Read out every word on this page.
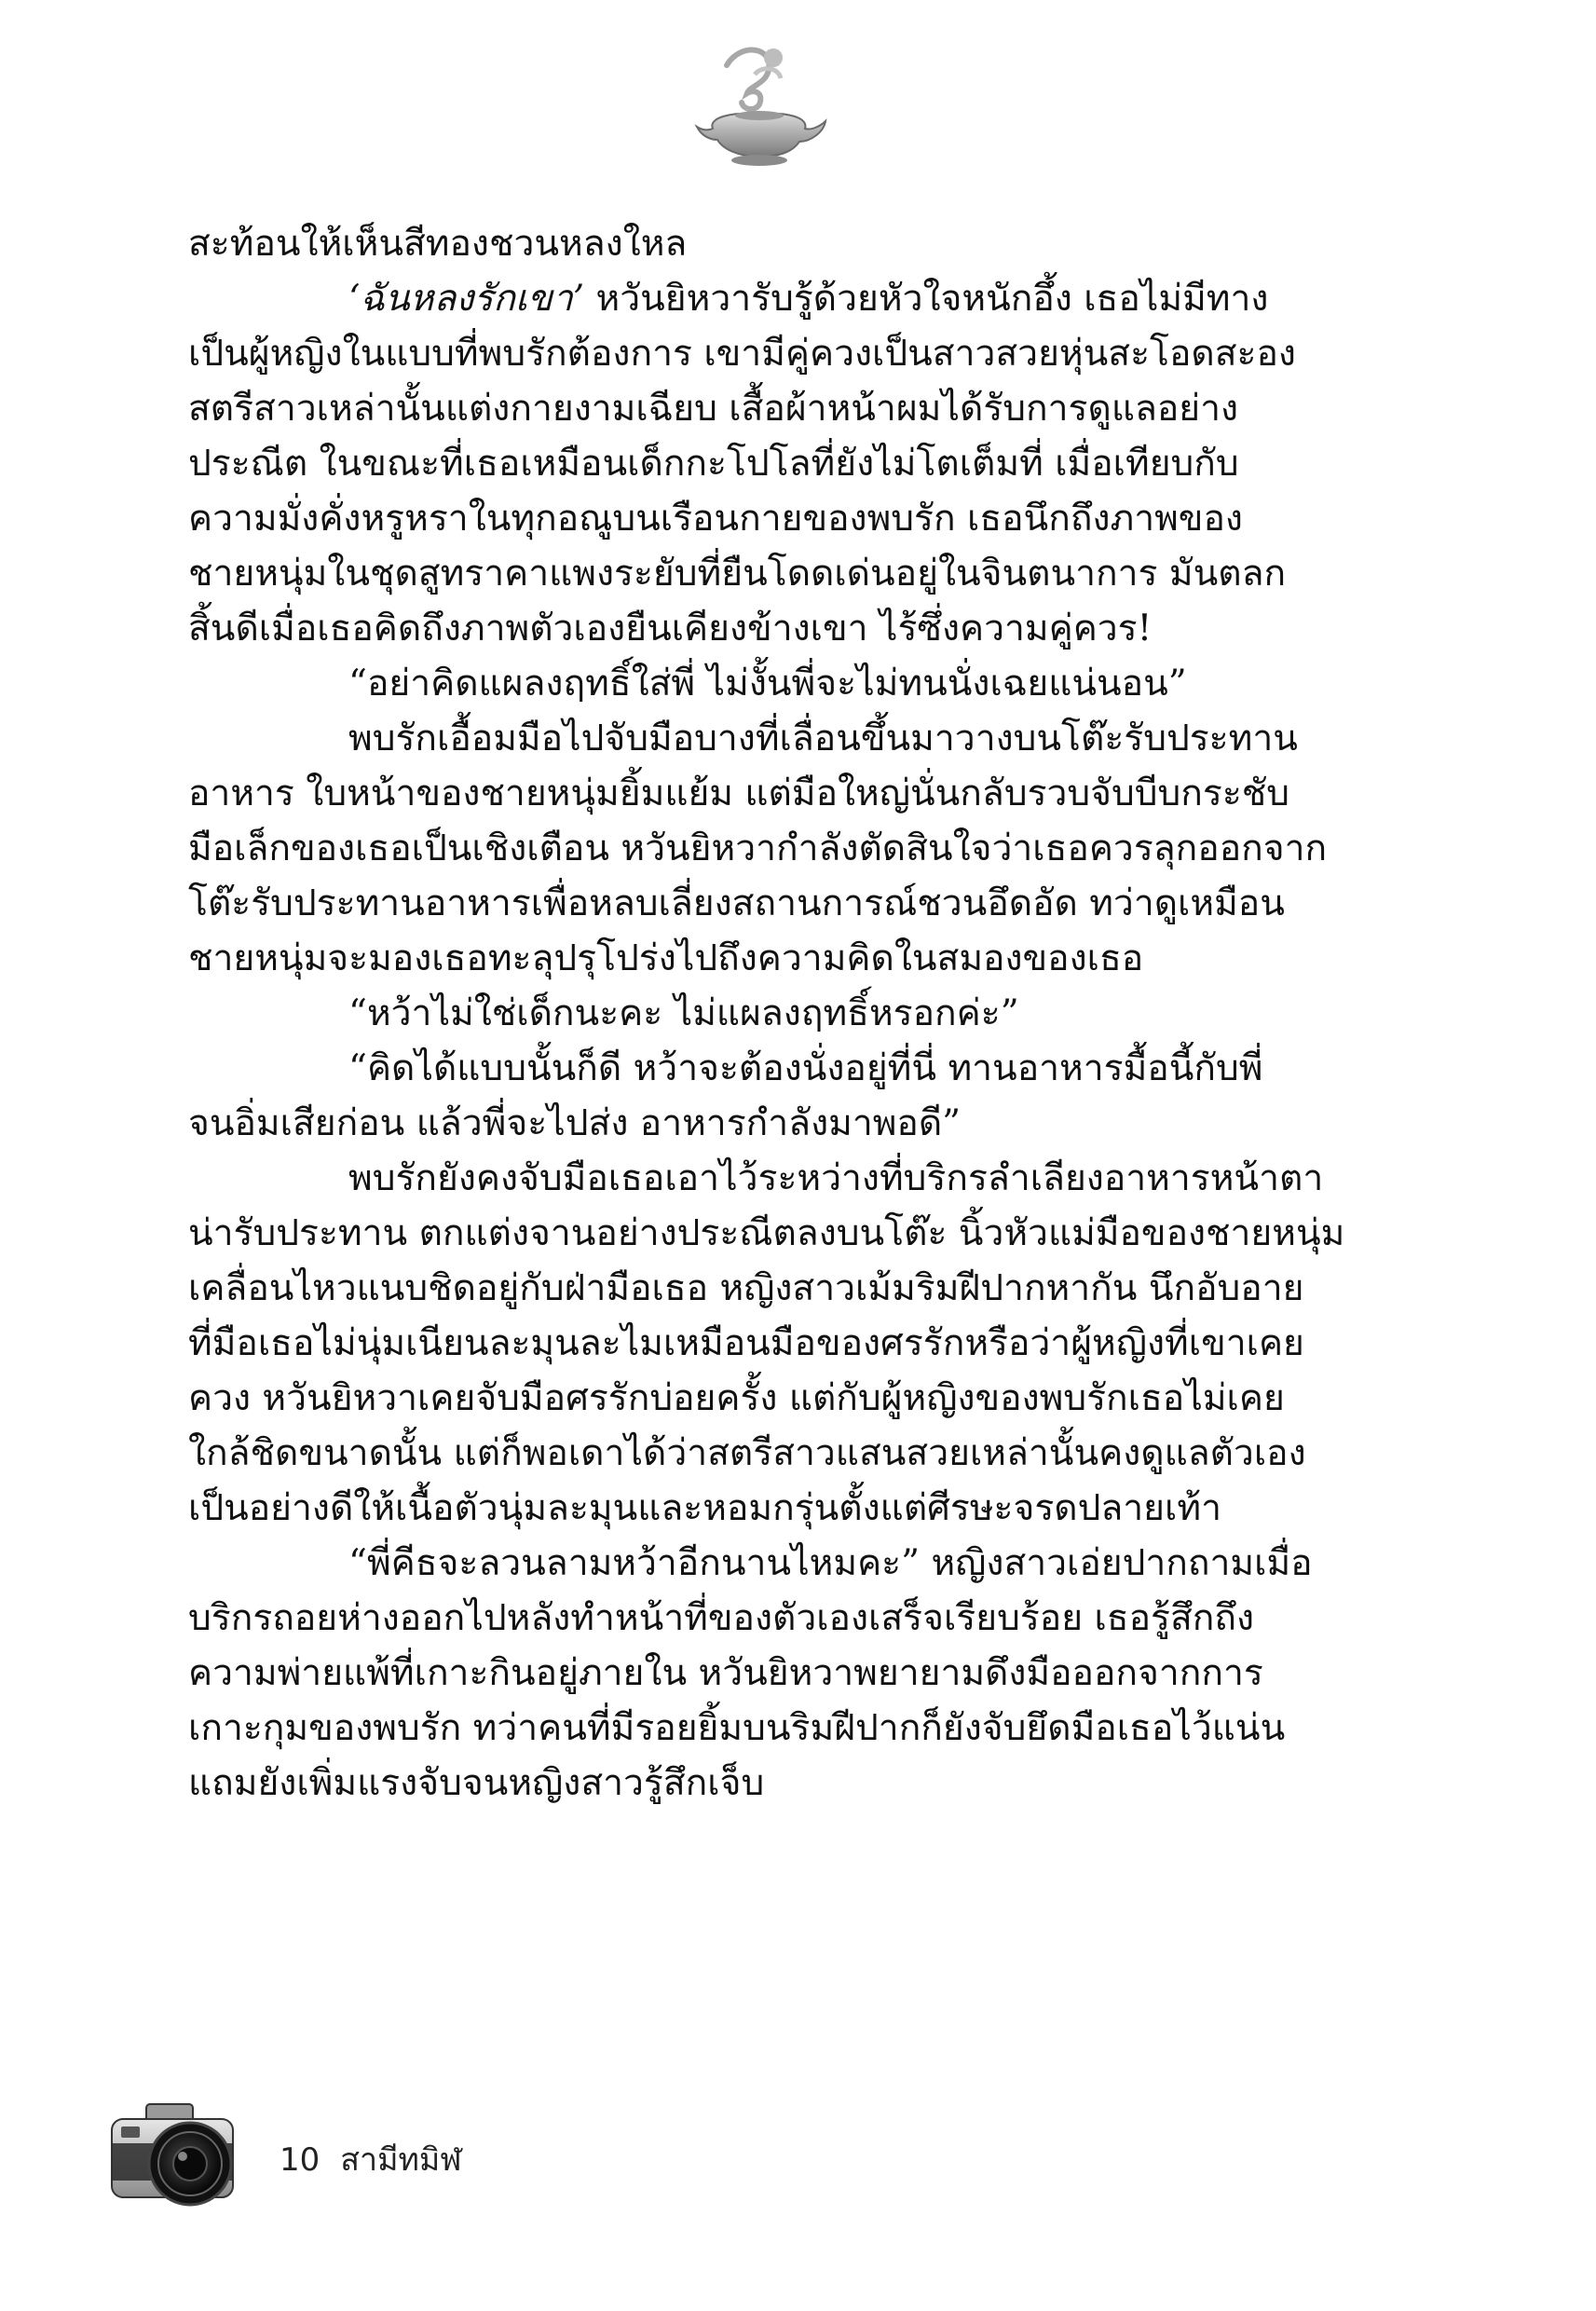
สะท้อนให้เห็นสีทองชวนหลงใหล
‘ฉันหลงรักเขา’ หวันยิหวารับรู้ด้วยหัวใจหนักอึ้ง เธอไม่มีทาง
เป็นผู้หญิงในแบบที่พบรักต้องการ เขามีคู่ควงเป็นสาวสวยหุ่นสะโอดสะอง
สตรีสาวเหล่านั้นแต่งกายงามเฉียบ เสื้อผ้าหน้าผมได้รับการดูแลอย่าง
ประณีต ในขณะที่เธอเหมือนเด็กกะโปโลที่ยังไม่โตเต็มที่ เมื่อเทียบกับ
ความมั่งคั่งหรูหราในทุกอณูบนเรือนกายของพบรัก เธอนึกถึงภาพของ
ชายหนุ่มในชุดสูทราคาแพงระยับที่ยืนโดดเด่นอยู่ในจินตนาการ มันตลก
สิ้นดีเมื่อเธอคิดถึงภาพตัวเองยืนเคียงข้างเขา ไร้ซึ่งความคู่ควร!
“อย่าคิดแผลงฤทธิ์ใส่พี่ ไม่งั้นพี่จะไม่ทนนั่งเฉยแน่นอน”
พบรักเอื้อมมือไปจับมือบางที่เลื่อนขึ้นมาวางบนโต๊ะรับประทาน
อาหาร ใบหน้าของชายหนุ่มยิ้มแย้ม แต่มือใหญ่นั่นกลับรวบจับบีบกระชับ
มือเล็กของเธอเป็นเชิงเตือน หวันยิหวากำลังตัดสินใจว่าเธอควรลุกออกจาก
โต๊ะรับประทานอาหารเพื่อหลบเลี่ยงสถานการณ์ชวนอึดอัด ทว่าดูเหมือน
ชายหนุ่มจะมองเธอทะลุปรุโปร่งไปถึงความคิดในสมองของเธอ
“หว้าไม่ใช่เด็กนะคะ ไม่แผลงฤทธิ์หรอกค่ะ”
“คิดได้แบบนั้นก็ดี หว้าจะต้องนั่งอยู่ที่นี่ ทานอาหารมื้อนี้กับพี่
จนอิ่มเสียก่อน แล้วพี่จะไปส่ง อาหารกำลังมาพอดี”
พบรักยังคงจับมือเธอเอาไว้ระหว่างที่บริกรลำเลียงอาหารหน้าตา
น่ารับประทาน ตกแต่งจานอย่างประณีตลงบนโต๊ะ นิ้วหัวแม่มือของชายหนุ่ม
เคลื่อนไหวแนบชิดอยู่กับฝ่ามือเธอ หญิงสาวเม้มริมฝีปากหากัน นึกอับอาย
ที่มือเธอไม่นุ่มเนียนละมุนละไมเหมือนมือของศรรักหรือว่าผู้หญิงที่เขาเคย
ควง หวันยิหวาเคยจับมือศรรักบ่อยครั้ง แต่กับผู้หญิงของพบรักเธอไม่เคย
ใกล้ชิดขนาดนั้น แต่ก็พอเดาได้ว่าสตรีสาวแสนสวยเหล่านั้นคงดูแลตัวเอง
เป็นอย่างดีให้เนื้อตัวนุ่มละมุนและหอมกรุ่นตั้งแต่ศีรษะจรดปลายเท้า
“พี่คีธจะลวนลามหว้าอีกนานไหมคะ” หญิงสาวเอ่ยปากถามเมื่อ
บริกรถอยห่างออกไปหลังทำหน้าที่ของตัวเองเสร็จเรียบร้อย เธอรู้สึกถึง
ความพ่ายแพ้ที่เกาะกินอยู่ภายใน หวันยิหวาพยายามดึงมือออกจากการ
เกาะกุมของพบรัก ทว่าคนที่มีรอยยิ้มบนริมฝีปากก็ยังจับยึดมือเธอไว้แน่น
แถมยังเพิ่มแรงจับจนหญิงสาวรู้สึกเจ็บ
10 สามีทมิฬ
